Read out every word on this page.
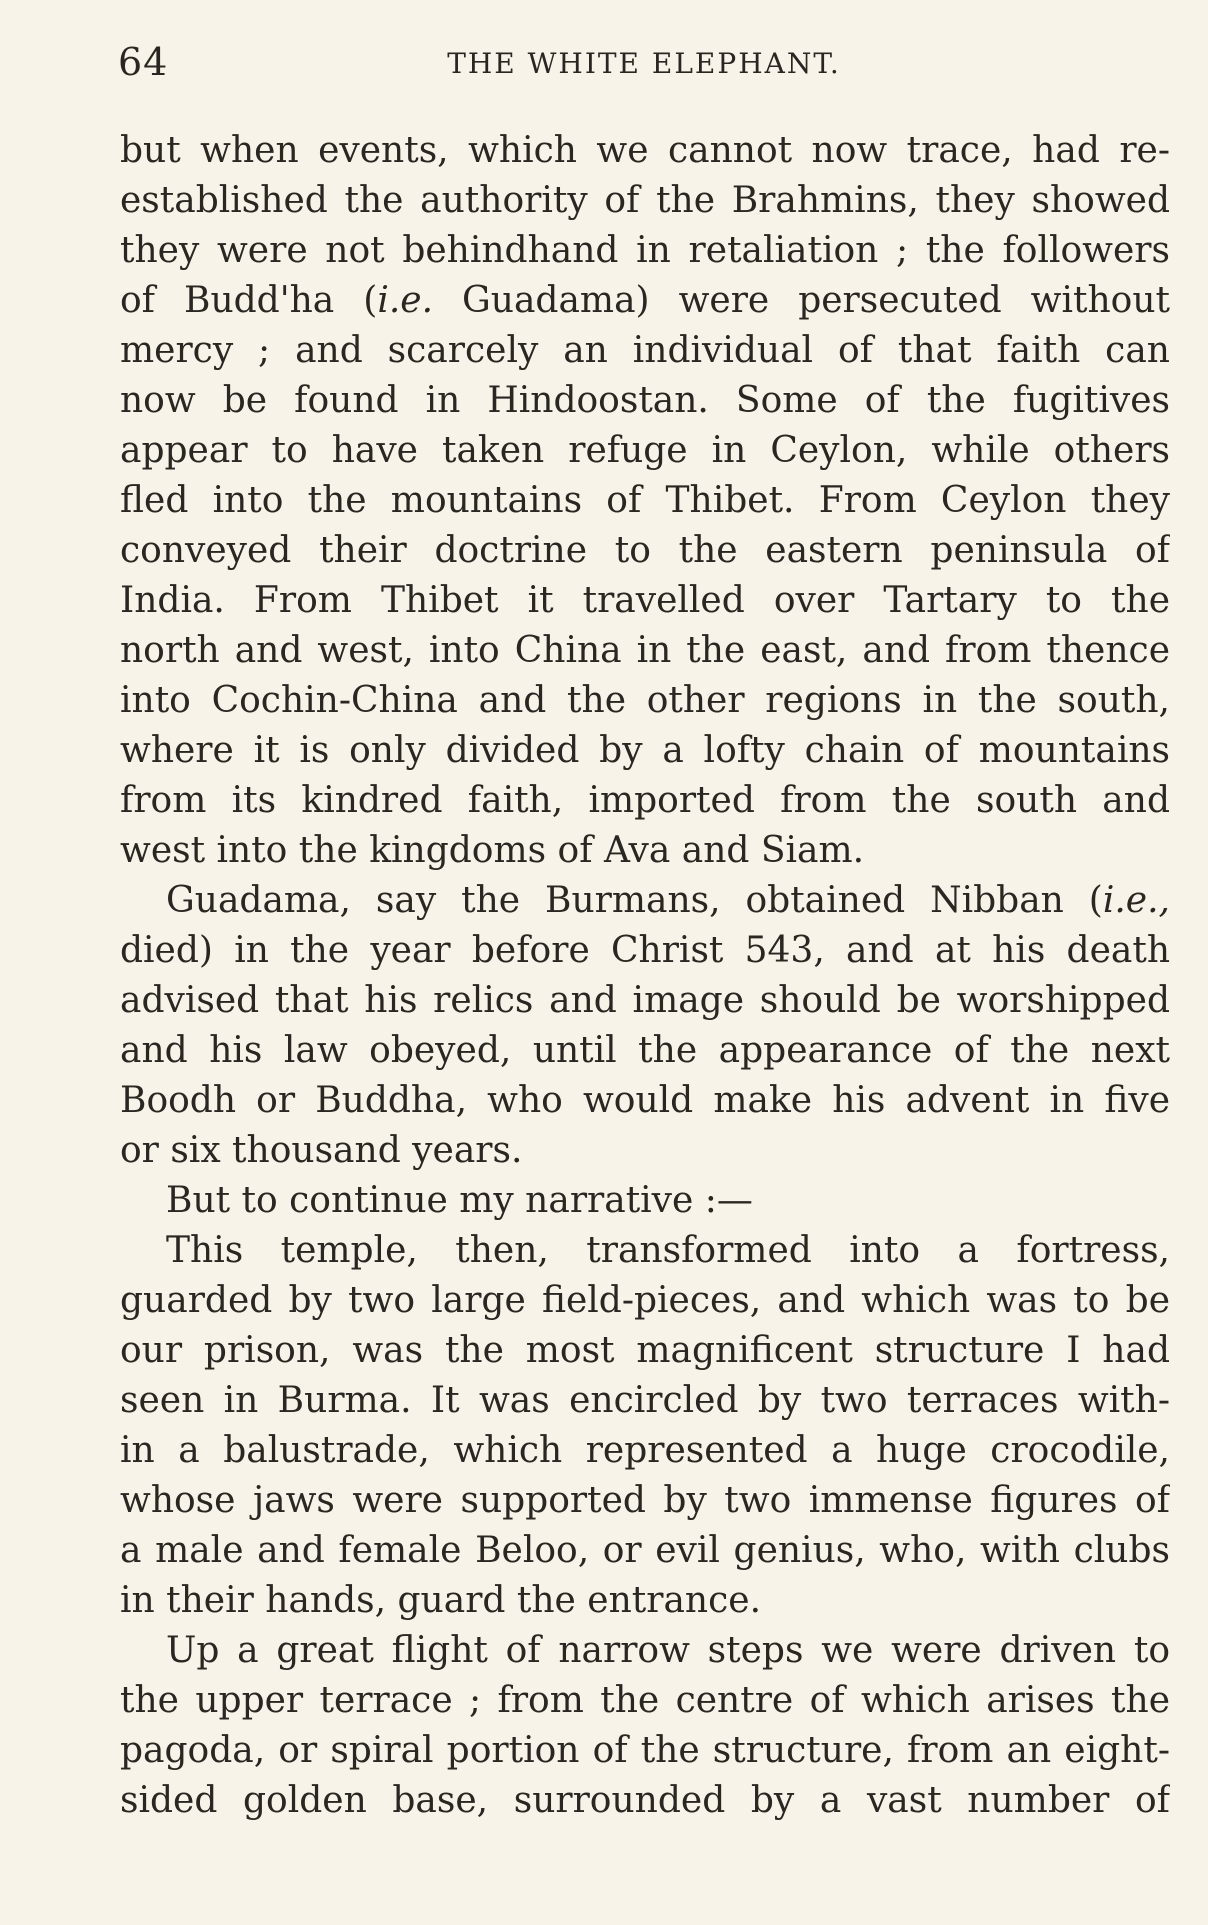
64	THE WHITE ELEPHANT.
but when events, which we cannot now trace, had re-
established the authority of the Brahmins, they showed
they were not behindhand in retaliation ; the followers
of Budd'ha (i.e. Guadama) were persecuted without
mercy ; and scarcely an individual of that faith can
now be found in Hindoostan. Some of the fugitives
appear to have taken refuge in Ceylon, while others
fled into the mountains of Thibet. From Ceylon they
conveyed their doctrine to the eastern peninsula of
India. From Thibet it travelled over Tartary to the
north and west, into China in the east, and from thence
into Cochin-China and the other regions in the south,
where it is only divided by a lofty chain of mountains
from its kindred faith, imported from the south and
west into the kingdoms of Ava and Siam.
Guadama, say the Burmans, obtained Nibban (i.e.,
died) in the year before Christ 543, and at his death
advised that his relics and image should be worshipped
and his law obeyed, until the appearance of the next
Boodh or Buddha, who would make his advent in five
or six thousand years.
But to continue my narrative :—
This temple, then, transformed into a fortress,
guarded by two large field-pieces, and which was to be
our prison, was the most magnificent structure I had
seen in Burma. It was encircled by two terraces with-
in a balustrade, which represented a huge crocodile,
whose jaws were supported by two immense figures of
a male and female Beloo, or evil genius, who, with clubs
in their hands, guard the entrance.
Up a great flight of narrow steps we were driven to
the upper terrace ; from the centre of which arises the
pagoda, or spiral portion of the structure, from an eight-
sided golden base, surrounded by a vast number of
